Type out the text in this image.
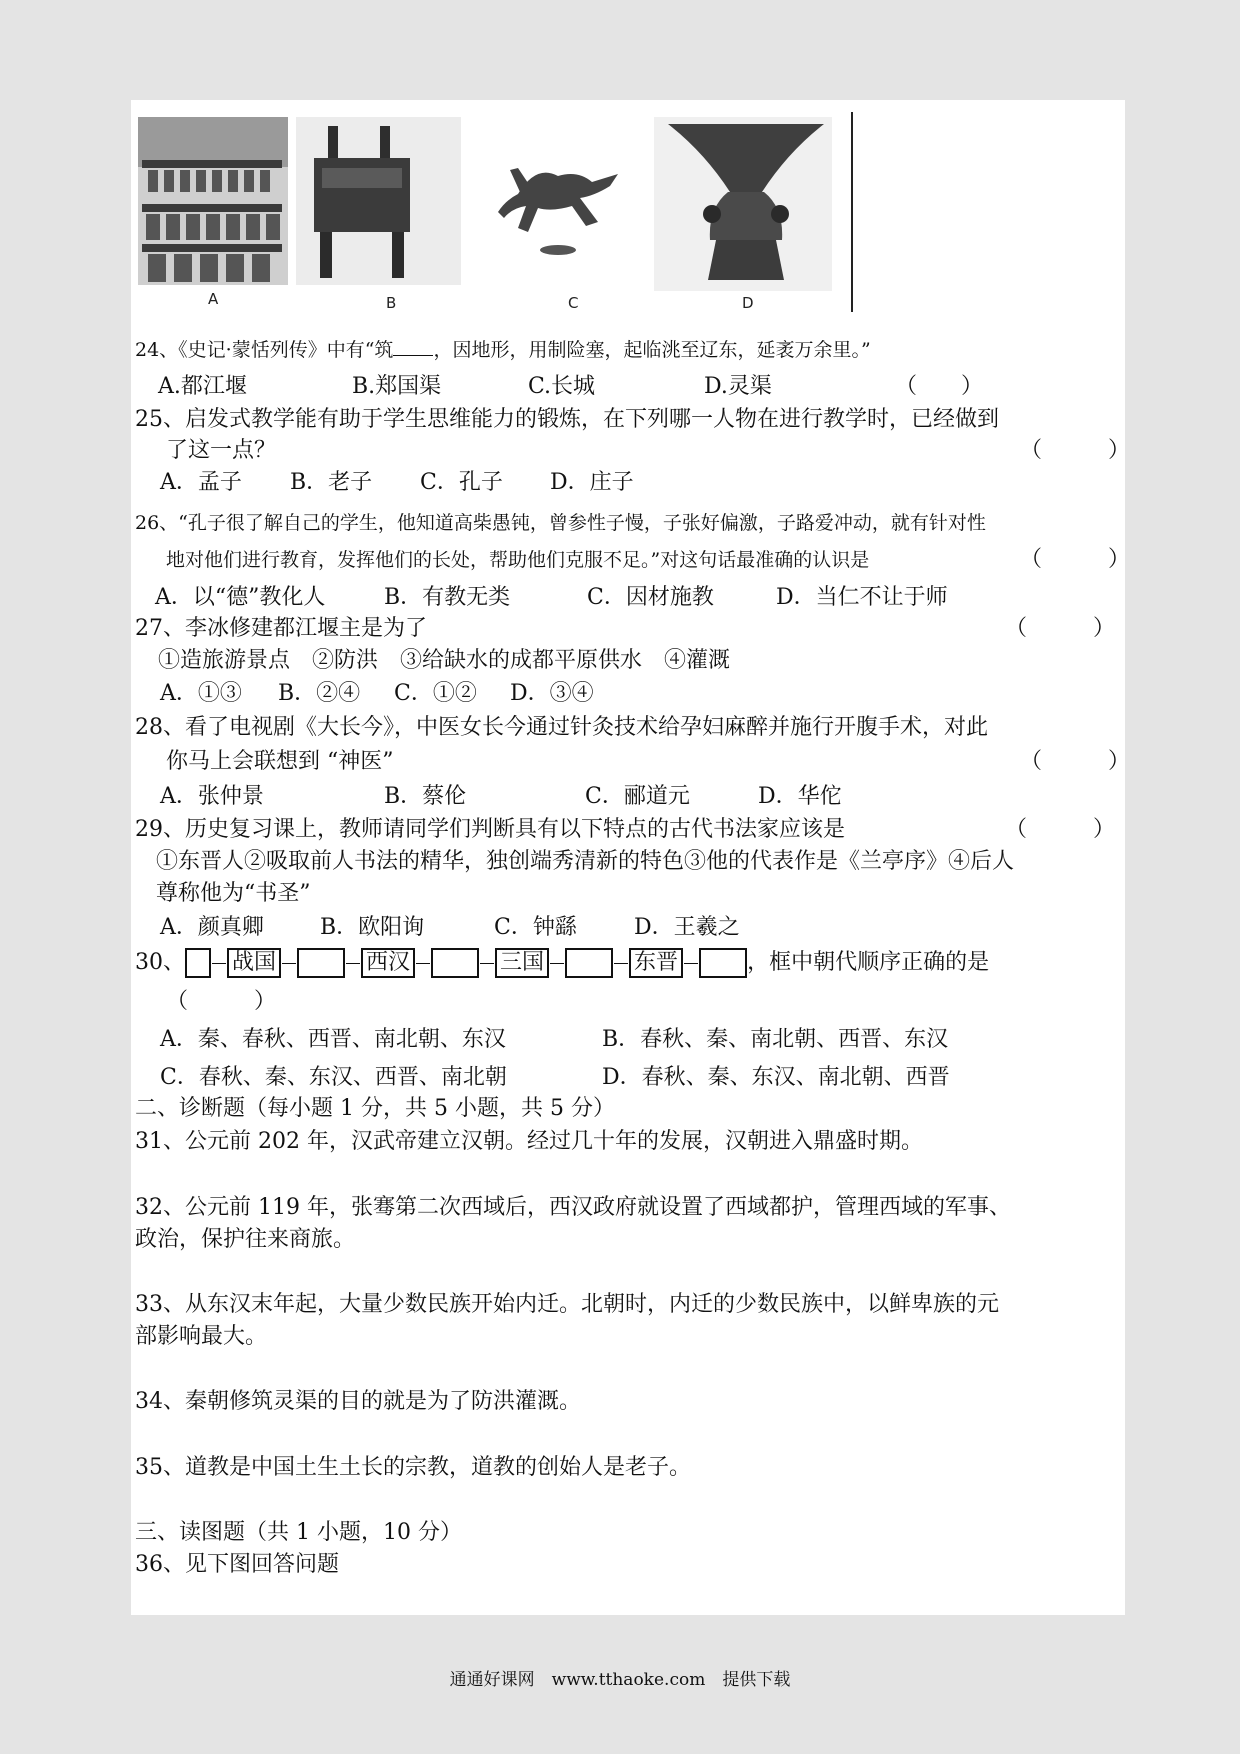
A	B	C	D
24、《史记·蒙恬列传》中有“筑 ，因地形，用制险塞，起临洮至辽东，延袤万余里。”
A.都江堰	B.郑国渠	C.长城	D.灵渠	（　　）
25、启发式教学能有助于学生思维能力的锻炼，在下列哪一人物在进行教学时，已经做到
了这一点？	（　　　）
A．孟子 B．老子 C．孔子 D．庄子
26、“孔子很了解自己的学生，他知道高柴愚钝，曾参性子慢，子张好偏激，子路爱冲动，就有针对性
地对他们进行教育，发挥他们的长处，帮助他们克服不足。”对这句话最准确的认识是	（　　　）
A．以“德”教化人	B．有教无类	C．因材施教	D．当仁不让于师
27、李冰修建都江堰主是为了	（　　　）
①造旅游景点　②防洪　③给缺水的成都平原供水　④灌溉
A．①③ B．②④ C．①② D．③④
28、看了电视剧《大长今》，中医女长今通过针灸技术给孕妇麻醉并施行开腹手术，对此
你马上会联想到 “神医”	（　　　）
A．张仲景	B．蔡伦	C．郦道元	D．华佗
29、历史复习课上，教师请同学们判断具有以下特点的古代书法家应该是	（　　　）
①东晋人②吸取前人书法的精华，独创端秀清新的特色③他的代表作是《兰亭序》④后人
尊称他为“书圣”
A．颜真卿	B．欧阳询	C．钟繇	D．王羲之
30、 战国	西汉	三国	东晋	，框中朝代顺序正确的是
（　　　）
A．秦、春秋、西晋、南北朝、东汉	B．春秋、秦、南北朝、西晋、东汉
C．春秋、秦、东汉、西晋、南北朝	D．春秋、秦、东汉、南北朝、西晋
二、诊断题（每小题 1 分，共 5 小题，共 5 分）
31、公元前 202 年，汉武帝建立汉朝。经过几十年的发展，汉朝进入鼎盛时期。
32、公元前 119 年，张骞第二次西域后，西汉政府就设置了西域都护，管理西域的军事、
政治，保护往来商旅。
33、从东汉末年起，大量少数民族开始内迁。北朝时，内迁的少数民族中，以鲜卑族的元
部影响最大。
34、秦朝修筑灵渠的目的就是为了防洪灌溉。
35、道教是中国土生土长的宗教，道教的创始人是老子。
三、读图题（共 1 小题，10 分）
36、见下图回答问题
通通好课网　www.tthaoke.com　提供下载
